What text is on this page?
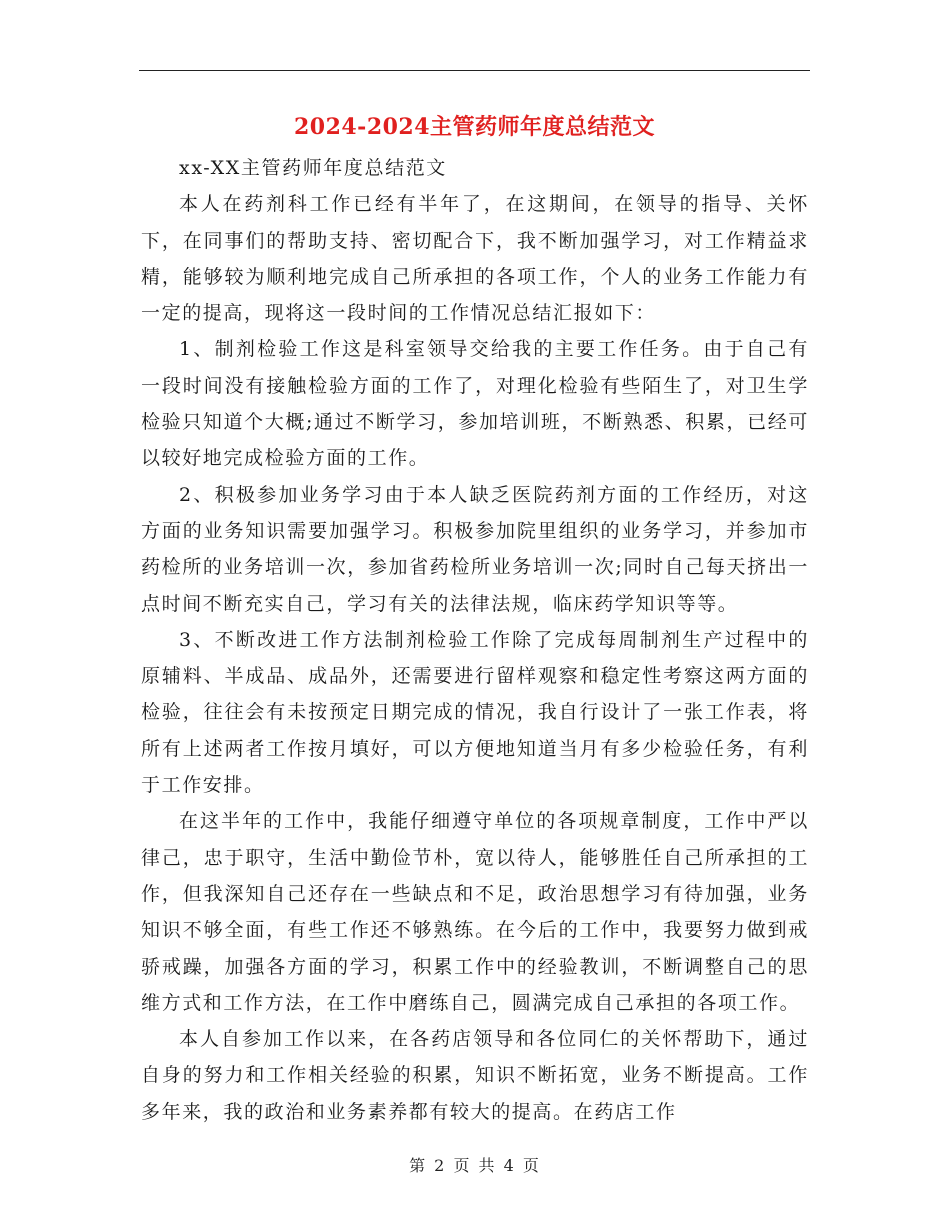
2024-2024主管药师年度总结范文

xx-XX主管药师年度总结范文

本人在药剂科工作已经有半年了，在这期间，在领导的指导、关怀下，在同事们的帮助支持、密切配合下，我不断加强学习，对工作精益求精，能够较为顺利地完成自己所承担的各项工作，个人的业务工作能力有一定的提高，现将这一段时间的工作情况总结汇报如下：

1、制剂检验工作这是科室领导交给我的主要工作任务。由于自己有一段时间没有接触检验方面的工作了，对理化检验有些陌生了，对卫生学检验只知道个大概;通过不断学习，参加培训班，不断熟悉、积累，已经可以较好地完成检验方面的工作。

2、积极参加业务学习由于本人缺乏医院药剂方面的工作经历，对这方面的业务知识需要加强学习。积极参加院里组织的业务学习，并参加市药检所的业务培训一次，参加省药检所业务培训一次;同时自己每天挤出一点时间不断充实自己，学习有关的法律法规，临床药学知识等等。

3、不断改进工作方法制剂检验工作除了完成每周制剂生产过程中的原辅料、半成品、成品外，还需要进行留样观察和稳定性考察这两方面的检验，往往会有未按预定日期完成的情况，我自行设计了一张工作表，将所有上述两者工作按月填好，可以方便地知道当月有多少检验任务，有利于工作安排。

在这半年的工作中，我能仔细遵守单位的各项规章制度，工作中严以律己，忠于职守，生活中勤俭节朴，宽以待人，能够胜任自己所承担的工作，但我深知自己还存在一些缺点和不足，政治思想学习有待加强，业务知识不够全面，有些工作还不够熟练。在今后的工作中，我要努力做到戒骄戒躁，加强各方面的学习，积累工作中的经验教训，不断调整自己的思维方式和工作方法，在工作中磨练自己，圆满完成自己承担的各项工作。

本人自参加工作以来，在各药店领导和各位同仁的关怀帮助下，通过自身的努力和工作相关经验的积累，知识不断拓宽，业务不断提高。工作多年来，我的政治和业务素养都有较大的提高。在药店工作

第 2 页 共 4 页
